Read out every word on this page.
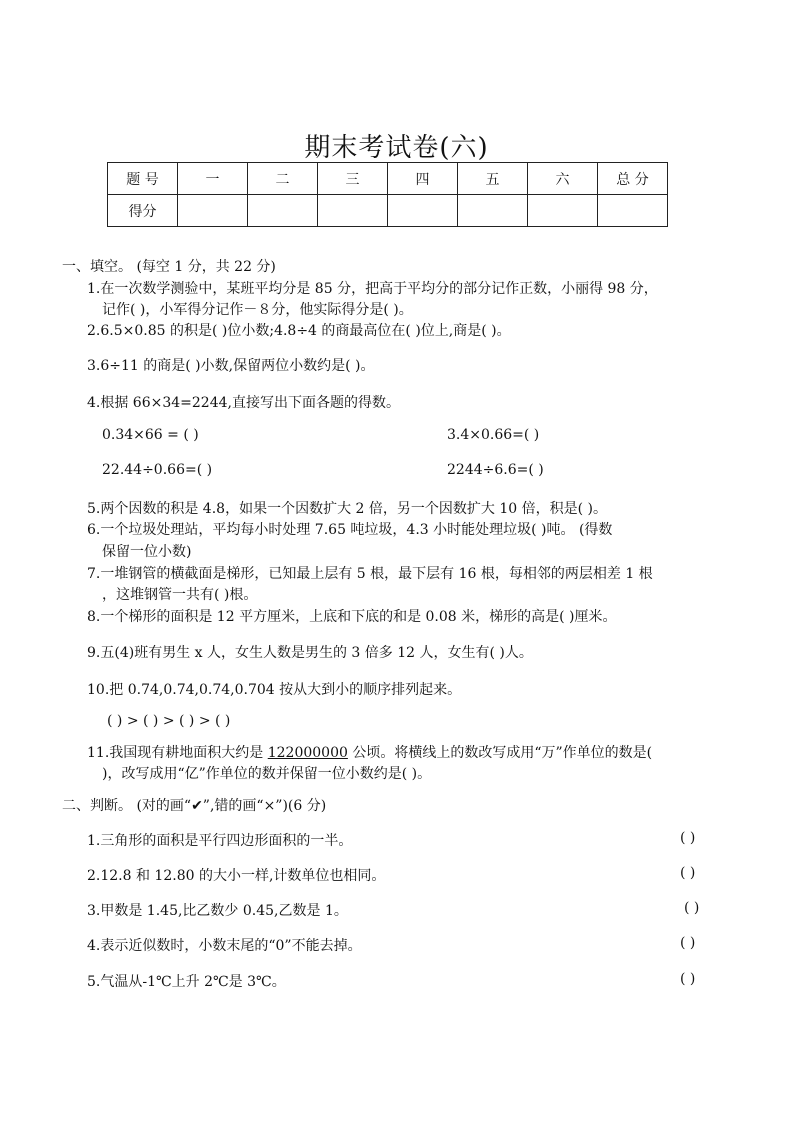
期末考试卷(六)
题 号	一	二	三	四	五	六	总 分
得分							
一、填空。 (每空 1 分，共 22 分)
1.在一次数学测验中，某班平均分是 85 分，把高于平均分的部分记作正数，小丽得 98 分，
记作( )，小军得分记作－８分，他实际得分是( )。
2.6.5×0.85 的积是( )位小数;4.8÷4 的商最高位在( )位上,商是( )。
3.6÷11 的商是( )小数,保留两位小数约是( )。
4.根据 66×34=2244,直接写出下面各题的得数。
0.34×66 = ( )	3.4×0.66=( )
22.44÷0.66=( )	2244÷6.6=( )
5.两个因数的积是 4.8，如果一个因数扩大 2 倍，另一个因数扩大 10 倍，积是( )。
6.一个垃圾处理站，平均每小时处理 7.65 吨垃圾，4.3 小时能处理垃圾( )吨。 (得数
保留一位小数)
7.一堆钢管的横截面是梯形，已知最上层有 5 根，最下层有 16 根，每相邻的两层相差 1 根
，这堆钢管一共有( )根。
8.一个梯形的面积是 12 平方厘米，上底和下底的和是 0.08 米，梯形的高是( )厘米。
9.五(4)班有男生 x 人，女生人数是男生的 3 倍多 12 人，女生有( )人。
10.把 0.74,0.74,0.74,0.704 按从大到小的顺序排列起来。
( ) > ( ) > ( ) > ( )
11.我国现有耕地面积大约是 122000000 公顷。将横线上的数改写成用“万”作单位的数是(
)，改写成用“亿”作单位的数并保留一位小数约是( )。
二、判断。 (对的画“✔”,错的画“×”)(6 分)
1.三角形的面积是平行四边形面积的一半。	( )
2.12.8 和 12.80 的大小一样,计数单位也相同。	( )
3.甲数是 1.45,比乙数少 0.45,乙数是 1。	( )
4.表示近似数时，小数末尾的“0”不能去掉。	( )
5.气温从-1℃上升 2℃是 3℃。	( )
